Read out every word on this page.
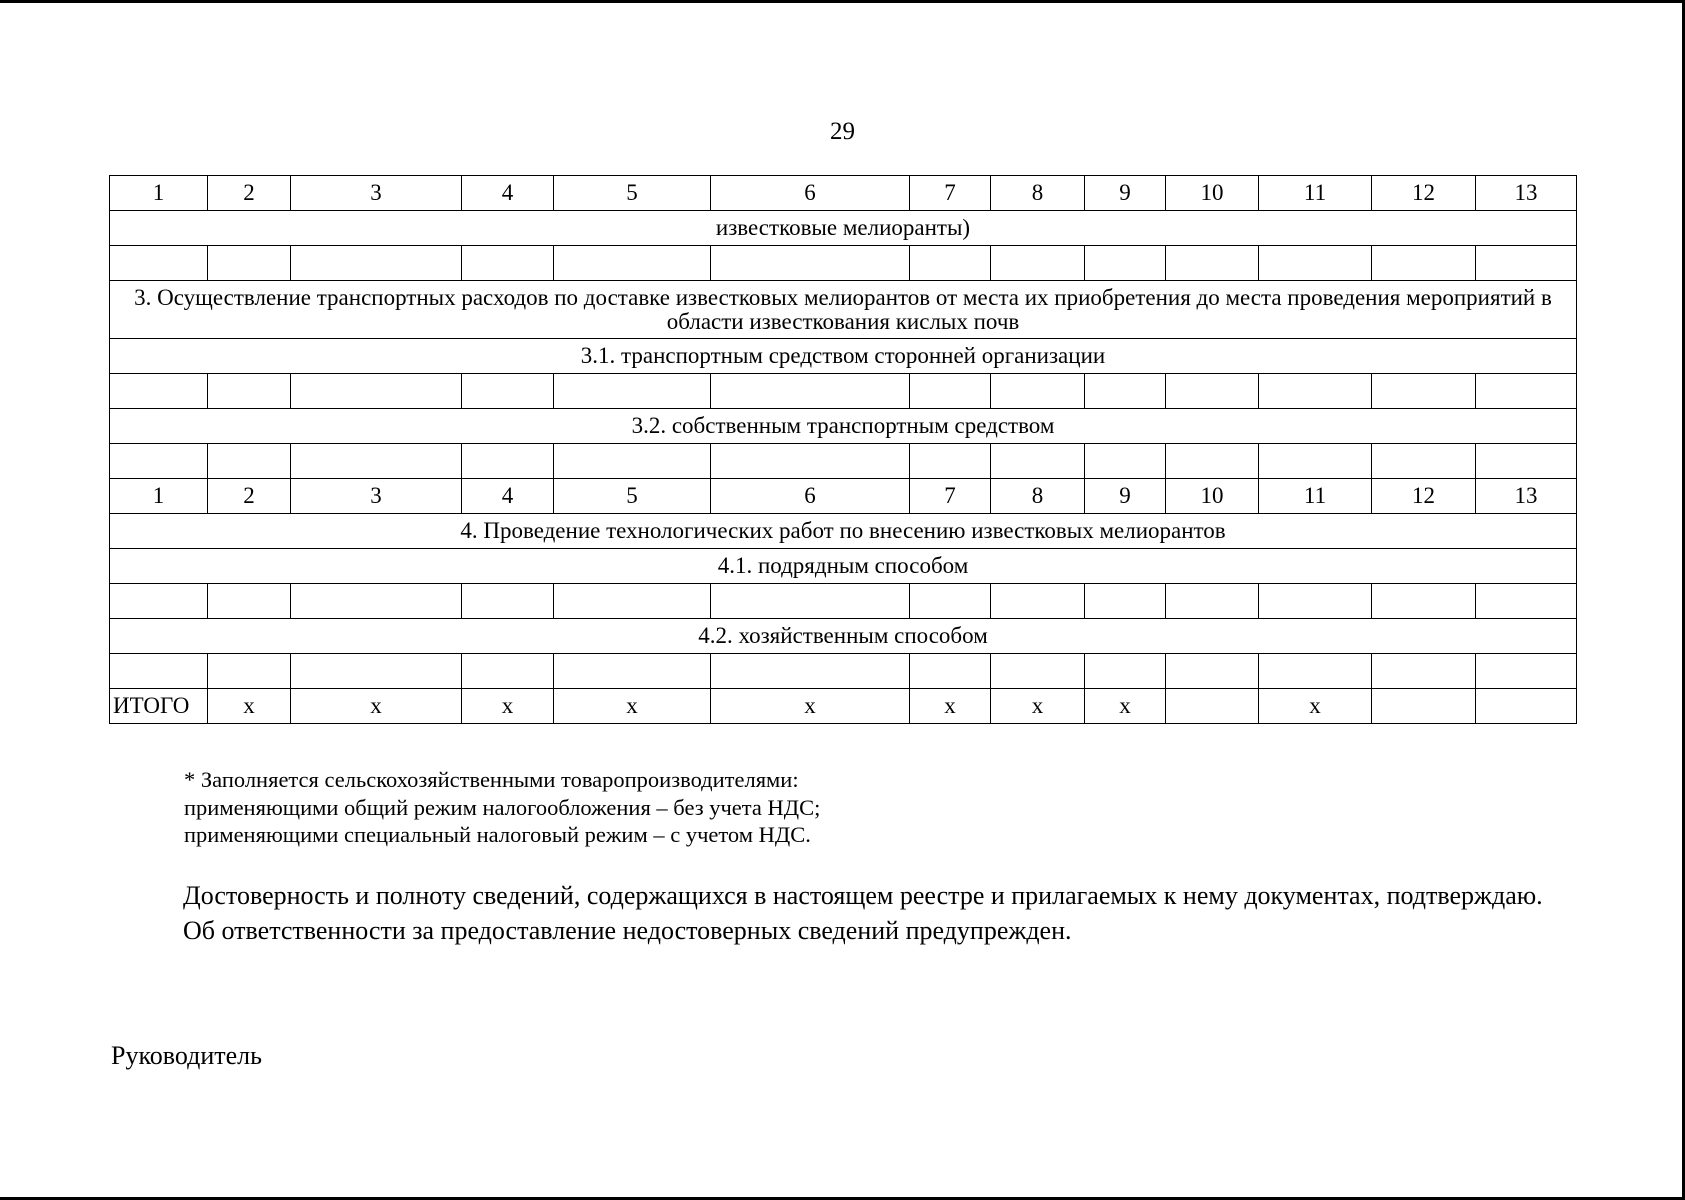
29
1	2	3	4	5	6	7	8	9	10	11	12	13
известковые мелиоранты)												

3. Осуществление транспортных расходов по доставке известковых мелиорантов от места их приобретения до места проведения мероприятий в области известкования кислых почв												
3.1. транспортным средством сторонней организации												

3.2. собственным транспортным средством												

1	2	3	4	5	6	7	8	9	10	11	12	13
4. Проведение технологических работ по внесению известковых мелиорантов												
4.1. подрядным способом												

4.2. хозяйственным способом												

ИТОГО	х	х	х	х	х	х	х	х		х		
* Заполняется сельскохозяйственными товаропроизводителями:
применяющими общий режим налогообложения – без учета НДС;
применяющими специальный налоговый режим – с учетом НДС.

Достоверность и полноту сведений, содержащихся в настоящем реестре и прилагаемых к нему документах, подтверждаю.

Об ответственности за предоставление недостоверных сведений предупрежден.

Руководитель
